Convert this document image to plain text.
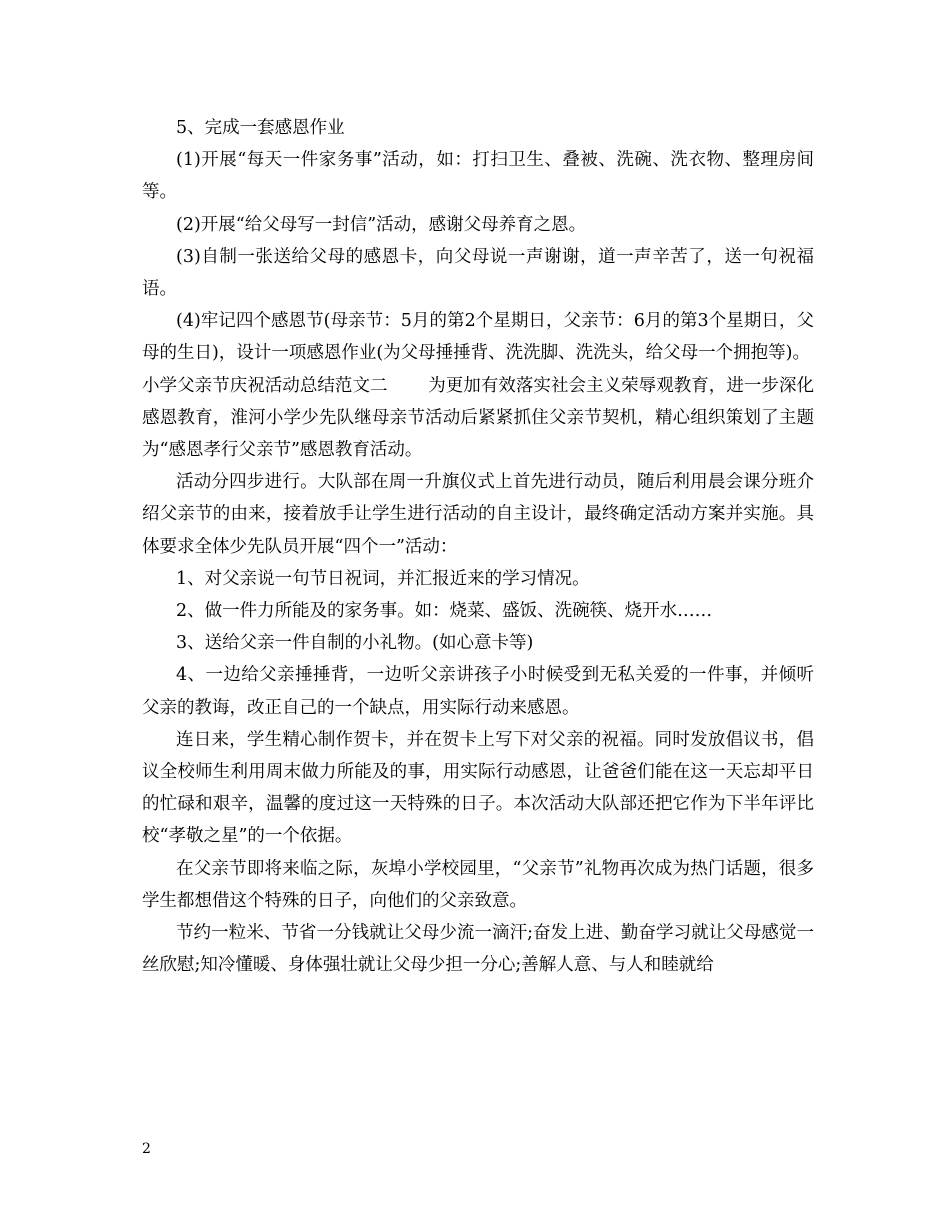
5、完成一套感恩作业

(1)开展“每天一件家务事”活动，如：打扫卫生、叠被、洗碗、洗衣物、整理房间等。

(2)开展“给父母写一封信”活动，感谢父母养育之恩。

(3)自制一张送给父母的感恩卡，向父母说一声谢谢，道一声辛苦了，送一句祝福语。

(4)牢记四个感恩节(母亲节：5月的第2个星期日，父亲节：6月的第3个星期日，父母的生日)，设计一项感恩作业(为父母捶捶背、洗洗脚、洗洗头，给父母一个拥抱等)。

小学父亲节庆祝活动总结范文二　　 为更加有效落实社会主义荣辱观教育，进一步深化感恩教育，淮河小学少先队继母亲节活动后紧紧抓住父亲节契机，精心组织策划了主题为“感恩孝行父亲节”感恩教育活动。

活动分四步进行。大队部在周一升旗仪式上首先进行动员，随后利用晨会课分班介绍父亲节的由来，接着放手让学生进行活动的自主设计，最终确定活动方案并实施。具体要求全体少先队员开展“四个一”活动：

1、对父亲说一句节日祝词，并汇报近来的学习情况。

2、做一件力所能及的家务事。如：烧菜、盛饭、洗碗筷、烧开水……

3、送给父亲一件自制的小礼物。(如心意卡等)

4、一边给父亲捶捶背，一边听父亲讲孩子小时候受到无私关爱的一件事，并倾听父亲的教诲，改正自己的一个缺点，用实际行动来感恩。

连日来，学生精心制作贺卡，并在贺卡上写下对父亲的祝福。同时发放倡议书，倡议全校师生利用周末做力所能及的事，用实际行动感恩，让爸爸们能在这一天忘却平日的忙碌和艰辛，温馨的度过这一天特殊的日子。本次活动大队部还把它作为下半年评比校“孝敬之星”的一个依据。

在父亲节即将来临之际，灰埠小学校园里，“父亲节”礼物再次成为热门话题，很多学生都想借这个特殊的日子，向他们的父亲致意。

节约一粒米、节省一分钱就让父母少流一滴汗;奋发上进、勤奋学习就让父母感觉一丝欣慰;知冷懂暖、身体强壮就让父母少担一分心;善解人意、与人和睦就给

2
